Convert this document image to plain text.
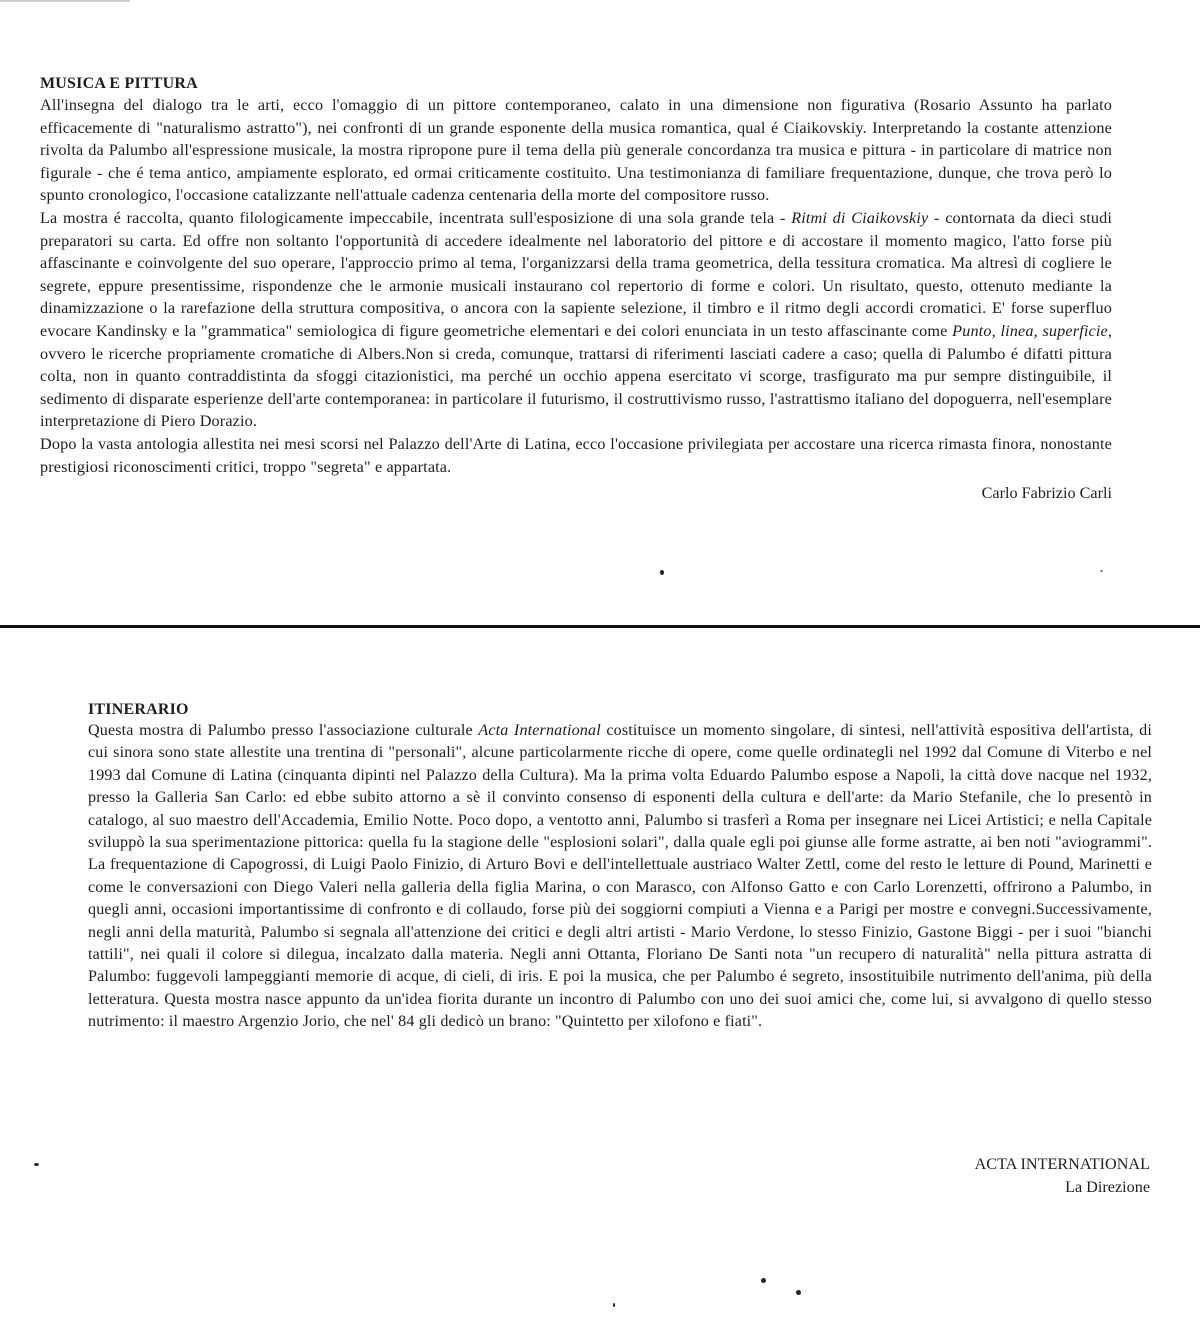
MUSICA E PITTURA

All'insegna del dialogo tra le arti, ecco l'omaggio di un pittore contemporaneo, calato in una dimensione non figurativa (Rosario Assunto ha parlato efficacemente di "naturalismo astratto"), nei confronti di un grande esponente della musica romantica, qual é Ciaikovskiy. Interpretando la costante attenzione rivolta da Palumbo all'espressione musicale, la mostra ripropone pure il tema della più generale concordanza tra musica e pittura - in particolare di matrice non figurale - che é tema antico, ampiamente esplorato, ed ormai criticamente costituito. Una testimonianza di familiare frequentazione, dunque, che trova però lo spunto cronologico, l'occasione catalizzante nell'attuale cadenza centenaria della morte del compositore russo.

La mostra é raccolta, quanto filologicamente impeccabile, incentrata sull'esposizione di una sola grande tela - Ritmi di Ciaikovskiy - contornata da dieci studi preparatori su carta. Ed offre non soltanto l'opportunità di accedere idealmente nel laboratorio del pittore e di accostare il momento magico, l'atto forse più affascinante e coinvolgente del suo operare, l'approccio primo al tema, l'organizzarsi della trama geometrica, della tessitura cromatica. Ma altresì di cogliere le segrete, eppure presentissime, rispondenze che le armonie musicali instaurano col repertorio di forme e colori. Un risultato, questo, ottenuto mediante la dinamizzazione o la rarefazione della struttura compositiva, o ancora con la sapiente selezione, il timbro e il ritmo degli accordi cromatici. E' forse superfluo evocare Kandinsky e la "grammatica" semiologica di figure geometriche elementari e dei colori enunciata in un testo affascinante come Punto, linea, superficie, ovvero le ricerche propriamente cromatiche di Albers.Non si creda, comunque, trattarsi di riferimenti lasciati cadere a caso; quella di Palumbo é difatti pittura colta, non in quanto contraddistinta da sfoggi citazionistici, ma perché un occhio appena esercitato vi scorge, trasfigurato ma pur sempre distinguibile, il sedimento di disparate esperienze dell'arte contemporanea: in particolare il futurismo, il costruttivismo russo, l'astrattismo italiano del dopoguerra, nell'esemplare interpretazione di Piero Dorazio.

Dopo la vasta antologia allestita nei mesi scorsi nel Palazzo dell'Arte di Latina, ecco l'occasione privilegiata per accostare una ricerca rimasta finora, nonostante prestigiosi riconoscimenti critici, troppo "segreta" e appartata.

Carlo Fabrizio Carli
ITINERARIO

Questa mostra di Palumbo presso l'associazione culturale Acta International costituisce un momento singolare, di sintesi, nell'attività espositiva dell'artista, di cui sinora sono state allestite una trentina di "personali", alcune particolarmente ricche di opere, come quelle ordinategli nel 1992 dal Comune di Viterbo e nel 1993 dal Comune di Latina (cinquanta dipinti nel Palazzo della Cultura). Ma la prima volta Eduardo Palumbo espose a Napoli, la città dove nacque nel 1932, presso la Galleria San Carlo: ed ebbe subito attorno a sè il convinto consenso di esponenti della cultura e dell'arte: da Mario Stefanile, che lo presentò in catalogo, al suo maestro dell'Accademia, Emilio Notte. Poco dopo, a ventotto anni, Palumbo si trasferì a Roma per insegnare nei Licei Artistici; e nella Capitale sviluppò la sua sperimentazione pittorica: quella fu la stagione delle "esplosioni solari", dalla quale egli poi giunse alle forme astratte, ai ben noti "aviogrammi". La frequentazione di Capogrossi, di Luigi Paolo Finizio, di Arturo Bovi e dell'intellettuale austriaco Walter Zettl, come del resto le letture di Pound, Marinetti e come le conversazioni con Diego Valeri nella galleria della figlia Marina, o con Marasco, con Alfonso Gatto e con Carlo Lorenzetti, offrirono a Palumbo, in quegli anni, occasioni importantissime di confronto e di collaudo, forse più dei soggiorni compiuti a Vienna e a Parigi per mostre e convegni.Successivamente, negli anni della maturità, Palumbo si segnala all'attenzione dei critici e degli altri artisti - Mario Verdone, lo stesso Finizio, Gastone Biggi - per i suoi "bianchi tattili", nei quali il colore si dilegua, incalzato dalla materia. Negli anni Ottanta, Floriano De Santi nota "un recupero di naturalità" nella pittura astratta di Palumbo: fuggevoli lampeggianti memorie di acque, di cieli, di iris. E poi la musica, che per Palumbo é segreto, insostituibile nutrimento dell'anima, più della letteratura. Questa mostra nasce appunto da un'idea fiorita durante un incontro di Palumbo con uno dei suoi amici che, come lui, si avvalgono di quello stesso nutrimento: il maestro Argenzio Jorio, che nel' 84 gli dedicò un brano: "Quintetto per xilofono e fiati".

ACTA INTERNATIONAL
La Direzione
